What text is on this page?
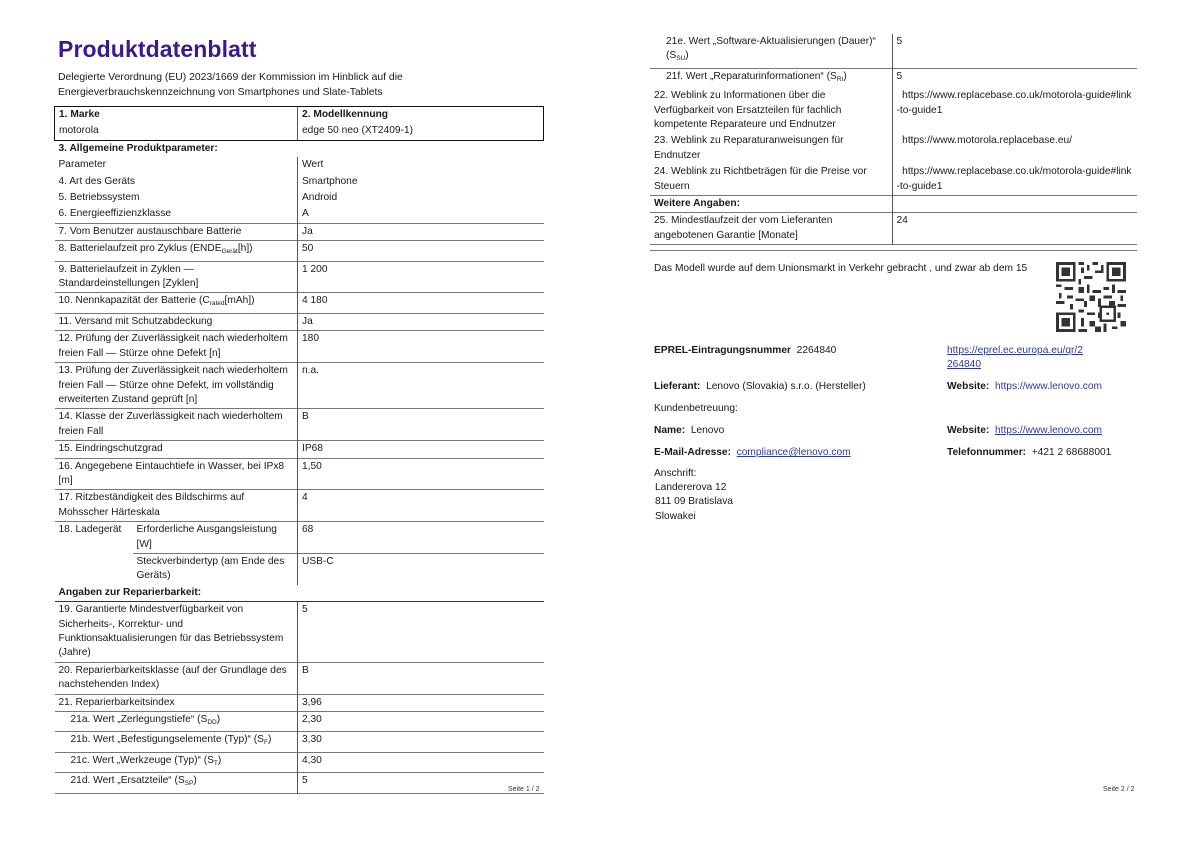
Produktdatenblatt
Delegierte Verordnung (EU) 2023/1669 der Kommission im Hinblick auf die Energieverbrauchskennzeichnung von Smartphones und Slate-Tablets
1. Marke		2. Modellkennung
motorola		edge 50 neo (XT2409-1)
3. Allgemeine Produktparameter:		
Parameter		Wert
4. Art des Geräts		Smartphone
5. Betriebssystem		Android
6. Energieeffizienzklasse		A
7. Vom Benutzer austauschbare Batterie		Ja
8. Batterielaufzeit pro Zyklus $(ENDE_{Gerät}[h])$		50
9. Batterielaufzeit in Zyklen — Standardeinstellungen [Zyklen]		1 200
10. Nennkapazität der Batterie $(C_{rated}[mAh])$		4 180
11. Versand mit Schutzabdeckung		Ja
12. Prüfung der Zuverlässigkeit nach wiederholtem freien Fall — Stürze ohne Defekt [n]		180
13. Prüfung der Zuverlässigkeit nach wiederholtem freien Fall — Stürze ohne Defekt, im vollständig erweiterten Zustand geprüft [n]		n.a.
14. Klasse der Zuverlässigkeit nach wiederholtem freien Fall		B
15. Eindringschutzgrad		IP68
16. Angegebene Eintauchtiefe in Wasser, bei IPx8 [m]		1,50
17. Ritzbeständigkeit des Bildschirms auf Mohsscher Härteskala		4
18. Ladegerät	Erforderliche Ausgangsleistung [W]	68
	Steckverbindertyp (am Ende des Geräts)	USB-C
Angaben zur Reparierbarkeit:		
19. Garantierte Mindestverfügbarkeit von Sicherheits-, Korrektur- und Funktionsaktualisierungen für das Betriebssystem (Jahre)		5
20. Reparierbarkeitsklasse (auf der Grundlage des nachstehenden Index)		B
21. Reparierbarkeitsindex		3,96
21a. Wert „Zerlegungstiefe“ $(S_{DD})$		2,30
21b. Wert „Befestigungselemente (Typ)“ $(S_F)$		3,30
21c. Wert „Werkzeuge (Typ)“ $(S_T)$		4,30
21d. Wert „Ersatzteile“ $(S_{SP})$		5
Seite 1 / 2	Seite 2 / 2
21e. Wert „Software-Aktualisierungen (Dauer)“ $(S_{SU})$	5
21f. Wert „Reparaturinformationen“ $(S_{RI})$	5
22. Weblink zu Informationen über die Verfügbarkeit von Ersatzteilen für fachlich kompetente Reparateure und Endnutzer	https://www.replacebase.co.uk/motorola-guide#link-to-guide1
23. Weblink zu Reparaturanweisungen für Endnutzer	https://www.motorola.replacebase.eu/
24. Weblink zu Richtbeträgen für die Preise vor Steuern	https://www.replacebase.co.uk/motorola-guide#link-to-guide1
Weitere Angaben:	
25. Mindestlaufzeit der vom Lieferanten angebotenen Garantie [Monate]	24
Das Modell wurde auf dem Unionsmarkt in Verkehr gebracht , und zwar ab dem 15
EPREL-Eintragungsnummer 2264840	https://eprel.ec.europa.eu/qr/2264840
Lieferant: Lenovo (Slovakia) s.r.o. (Hersteller)	Website: https://www.lenovo.com
Kundenbetreuung:
Name: Lenovo	Website: https://www.lenovo.com
E-Mail-Adresse: compliance@lenovo.com	Telefonnummer: +421 2 68688001
Anschrift:
Landererova 12
811 09 Bratislava
Slowakei
